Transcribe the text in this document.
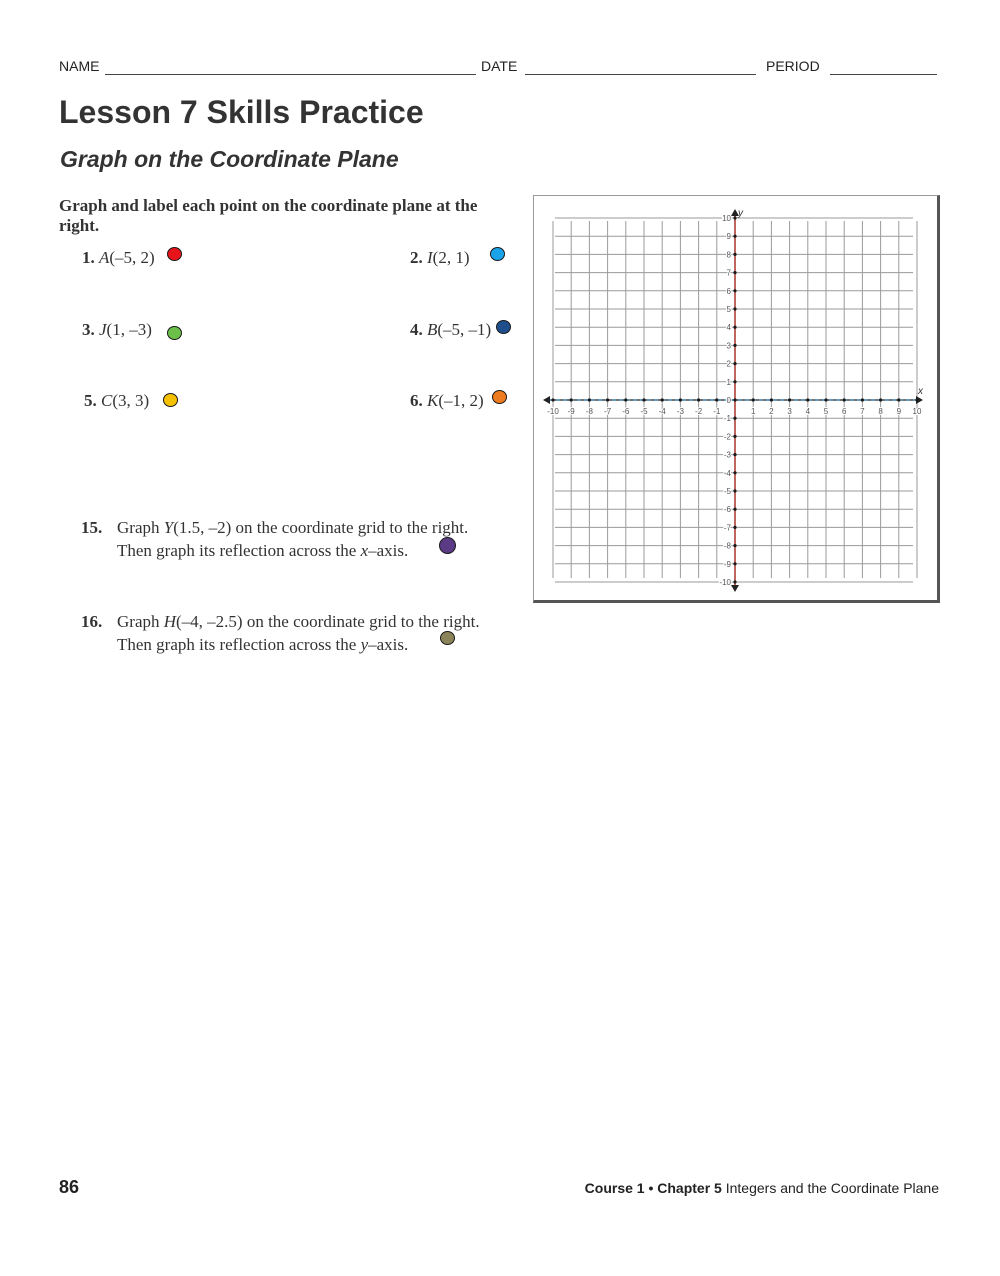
NAME	DATE	PERIOD
Lesson 7 Skills Practice
Graph on the Coordinate Plane
Graph and label each point on the coordinate plane at the right.
1. A(–5, 2)	2. I(2, 1)
3. J(1, –3)	4. B(–5, –1)
5. C(3, 3)	6. K(–1, 2)
15. Graph Y(1.5, –2) on the coordinate grid to the right.
Then graph its reflection across the x–axis.
16. Graph H(–4, –2.5) on the coordinate grid to the right.
Then graph its reflection across the y–axis.
x
y
-10 -9 -8 -7 -6 -5 -4 -3 -2 -1	1 2 3 4 5 6 7 8 9 10
10
9
8
7
6
5
4
3
2
1
0
-1
-2
-3
-4
-5
-6
-7
-8
-9
-10
86	Course 1 • Chapter 5 Integers and the Coordinate Plane
